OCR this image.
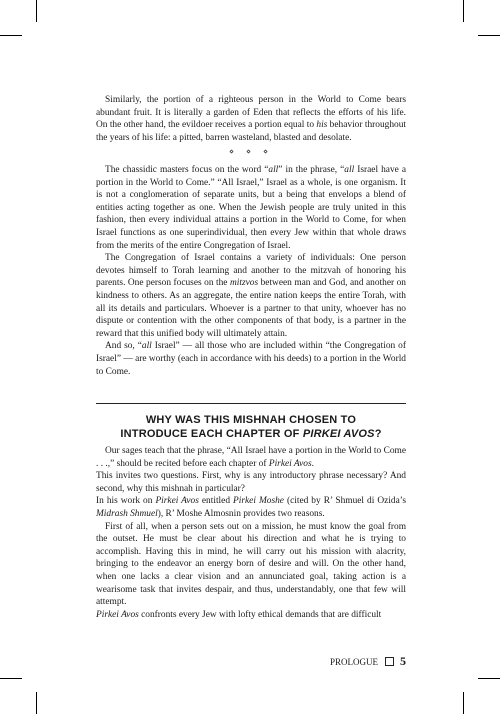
Similarly, the portion of a righteous person in the World to Come bears abundant fruit. It is literally a garden of Eden that reflects the efforts of his life. On the other hand, the evildoer receives a portion equal to his behavior throughout the years of his life: a pitted, barren wasteland, blasted and desolate.

⋄ ⋄ ⋄

The chassidic masters focus on the word “all” in the phrase, “all Israel have a portion in the World to Come.” “All Israel,” Israel as a whole, is one organism. It is not a conglomeration of separate units, but a being that envelops a blend of entities acting together as one. When the Jewish people are truly united in this fashion, then every individual attains a portion in the World to Come, for when Israel functions as one superindividual, then every Jew within that whole draws from the merits of the entire Congregation of Israel.

The Congregation of Israel contains a variety of individuals: One person devotes himself to Torah learning and another to the mitzvah of honoring his parents. One person focuses on the mitzvos between man and God, and another on kindness to others. As an aggregate, the entire nation keeps the entire Torah, with all its details and particulars. Whoever is a partner to that unity, whoever has no dispute or contention with the other components of that body, is a partner in the reward that this unified body will ultimately attain.

And so, “all Israel” — all those who are included within “the Congregation of Israel” — are worthy (each in accordance with his deeds) to a portion in the World to Come.

WHY WAS THIS MISHNAH CHOSEN TO
INTRODUCE EACH CHAPTER OF PIRKEI AVOS?

Our sages teach that the phrase, “All Israel have a portion in the World to Come . . .,” should be recited before each chapter of Pirkei Avos.

This invites two questions. First, why is any introductory phrase necessary? And second, why this mishnah in particular?

In his work on Pirkei Avos entitled Pirkei Moshe (cited by R’ Shmuel di Ozida’s Midrash Shmuel), R’ Moshe Almosnin provides two reasons.

First of all, when a person sets out on a mission, he must know the goal from the outset. He must be clear about his direction and what he is trying to accomplish. Having this in mind, he will carry out his mission with alacrity, bringing to the endeavor an energy born of desire and will. On the other hand, when one lacks a clear vision and an annunciated goal, taking action is a wearisome task that invites despair, and thus, understandably, one that few will attempt.

Pirkei Avos confronts every Jew with lofty ethical demands that are difficult

PROLOGUE 5
